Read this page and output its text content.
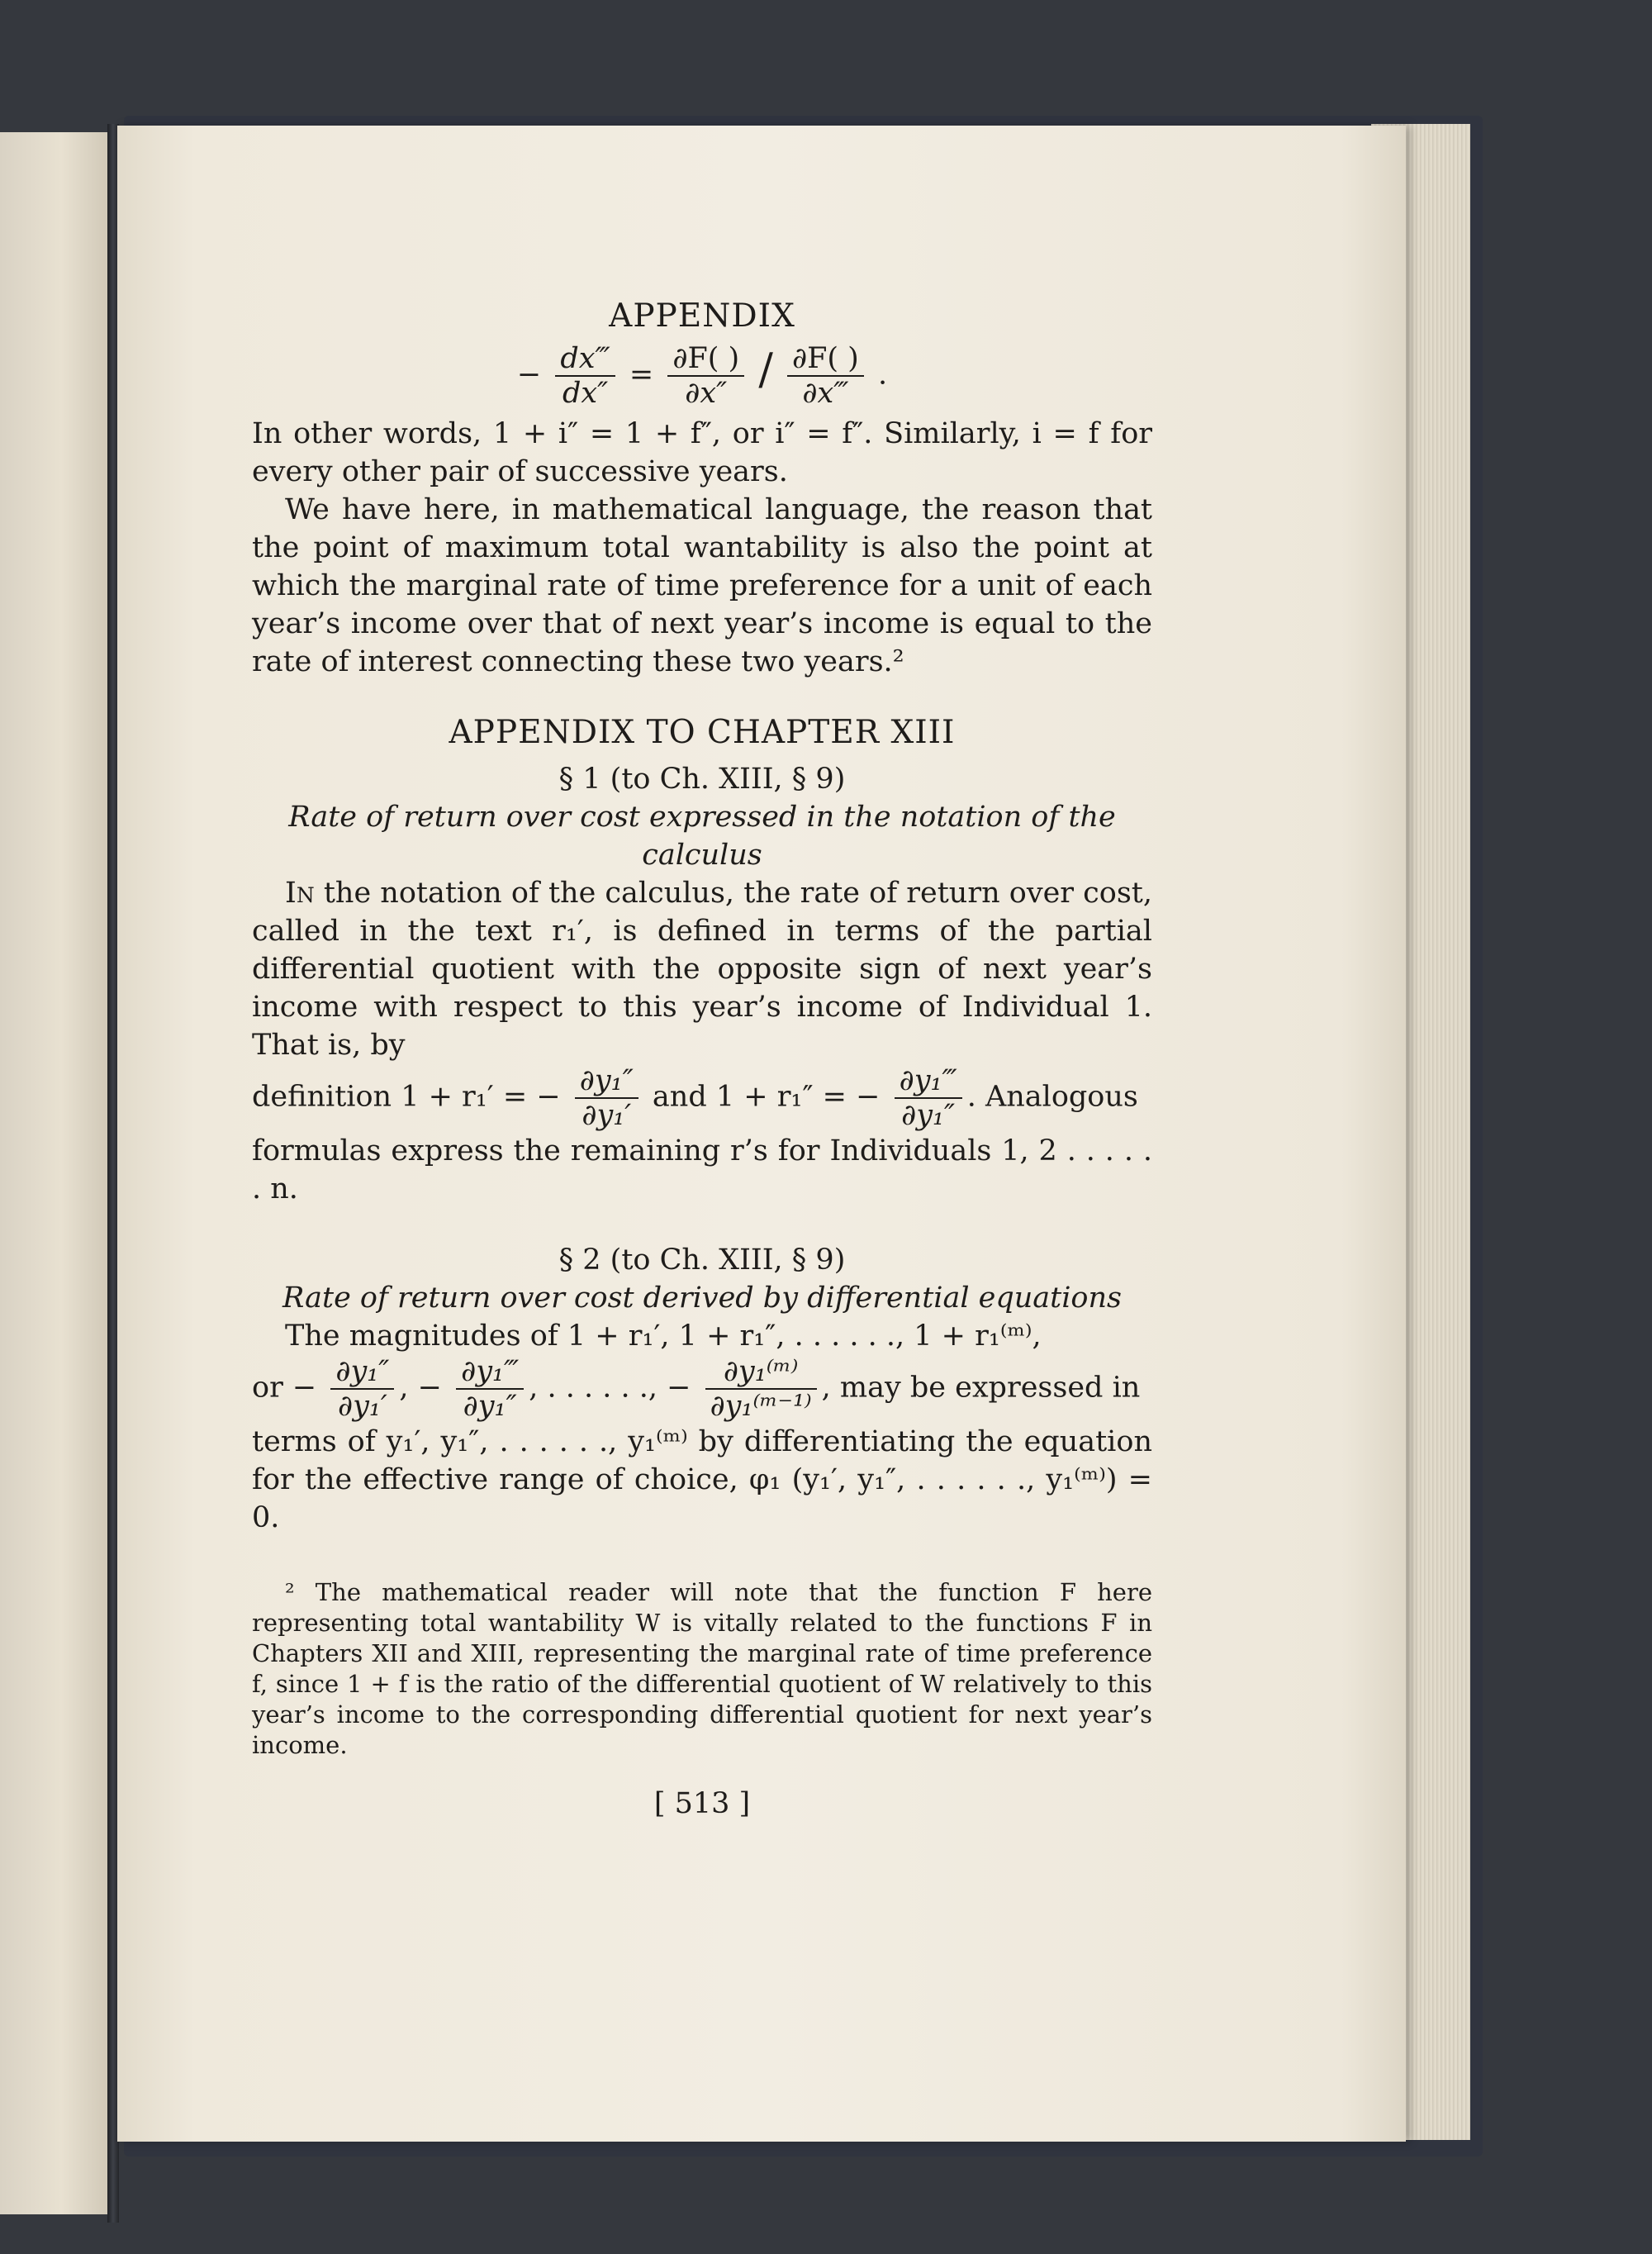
APPENDIX
− $\frac{dx‴}{dx''} = \frac{\partial F( )}{\partial x''} / \frac{\partial F( )}{\partial x‴}$ .

In other words, 1 + i″ = 1 + f″, or i″ = f″. Similarly, i = f for every other pair of successive years.

We have here, in mathematical language, the reason that the point of maximum total wantability is also the point at which the marginal rate of time preference for a unit of each year’s income over that of next year’s income is equal to the rate of interest connecting these two years.²

APPENDIX TO CHAPTER XIII
§ 1 (to Ch. XIII, § 9)
Rate of return over cost expressed in the notation of the calculus

In the notation of the calculus, the rate of return over cost, called in the text r₁′, is defined in terms of the partial differential quotient with the opposite sign of next year’s income with respect to this year’s income of Individual 1. That is, by

definition 1 + r₁′ = − $\frac{\text{∂y₁″}}{\text{∂y₁′}}$ and 1 + r₁″ = − $\frac{\text{∂y₁‴}}{\text{∂y₁″}}$ . Analogous

formulas express the remaining r’s for Individuals 1, 2 . . . . . . n.

§ 2 (to Ch. XIII, § 9)
Rate of return over cost derived by differential equations

The magnitudes of 1 + r₁′, 1 + r₁″, . . . . . ., 1 + r₁⁽ᵐ⁾,

or − $\frac{\text{∂y₁″}}{\text{∂y₁′}}$ , − $\frac{\text{∂y₁‴}}{\text{∂y₁″}}$ , . . . . . ., − $\frac{\text{∂y₁⁽ᵐ⁾}}{\text{∂y₁⁽ᵐ⁻¹⁾}}$ , may be expressed in

terms of y₁′, y₁″, . . . . . ., y₁⁽ᵐ⁾ by differentiating the equation for the effective range of choice, φ₁ (y₁′, y₁″, . . . . . ., y₁⁽ᵐ⁾) = 0.

² The mathematical reader will note that the function F here representing total wantability W is vitally related to the functions F in Chapters XII and XIII, representing the marginal rate of time preference f, since 1 + f is the ratio of the differential quotient of W relatively to this year’s income to the corresponding differential quotient for next year’s income.

[ 513 ]
